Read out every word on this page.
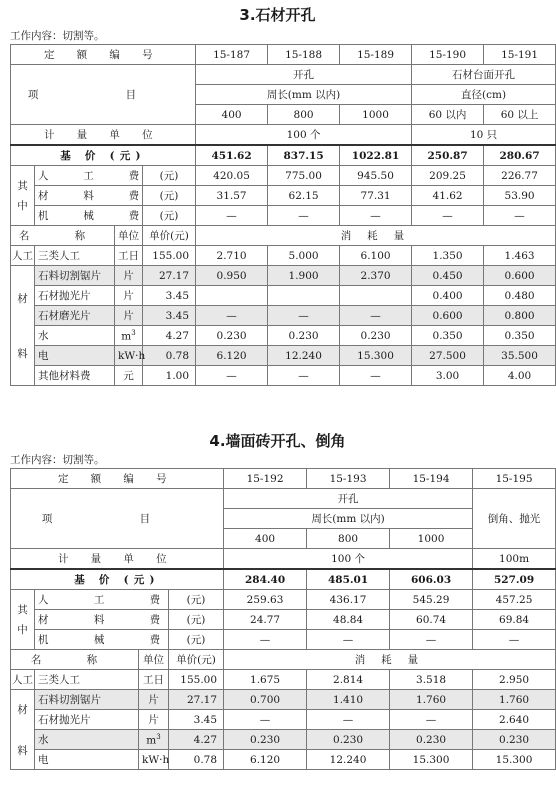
3.石材开孔
工作内容：切割等。
定 额 编 号				15-187	15-188	15-189	15-190	15-191
项 目				开孔			石材台面开孔	
				周长(mm 以内)			直径(cm)	
				400	800	1000	60 以内	60 以上
计 量 单 位				100 个			10 只	
基 价 (元)				451.62	837.15	1022.81	250.87	280.67

其
中	人 工 费		(元)	420.05	775.00	945.50	209.25	226.77
	材 料 费		(元)	31.57	62.15	77.31	41.62	53.90
	机 械 费		(元)	—	—	—	—	—
名 称		单位	单价(元)	消 耗 量				
人工	三类人工	工日	155.00	2.710	5.000	6.100	1.350	1.463

材
料	石料切割锯片	片	27.17	0.950	1.900	2.370	0.450	0.600
	石材抛光片	片	3.45				0.400	0.480
	石材磨光片	片	3.45	—	—	—	0.600	0.800
	水	$m^3$	4.27	0.230	0.230	0.230	0.350	0.350
	电	kW·h	0.78	6.120	12.240	15.300	27.500	35.500
	其他材料费	元	1.00	—	—	—	3.00	4.00
4.墙面砖开孔、倒角
工作内容：切割等。
定 额 编 号				15-192	15-193	15-194	15-195
项 目				开孔			倒角、抛光
				周长(mm 以内)			
				400	800	1000	
计 量 单 位				100 个			100m
基 价 (元)				284.40	485.01	606.03	527.09

其
中	人 工 费		(元)	259.63	436.17	545.29	457.25
	材 料 费		(元)	24.77	48.84	60.74	69.84
	机 械 费		(元)	—	—	—	—
名 称		单位	单价(元)	消 耗 量			
人工	三类人工	工日	155.00	1.675	2.814	3.518	2.950

材
料	石料切割锯片	片	27.17	0.700	1.410	1.760	1.760
	石材抛光片	片	3.45	—	—	—	2.640
	水	$m^3$	4.27	0.230	0.230	0.230	0.230
	电	kW·h	0.78	6.120	12.240	15.300	15.300
